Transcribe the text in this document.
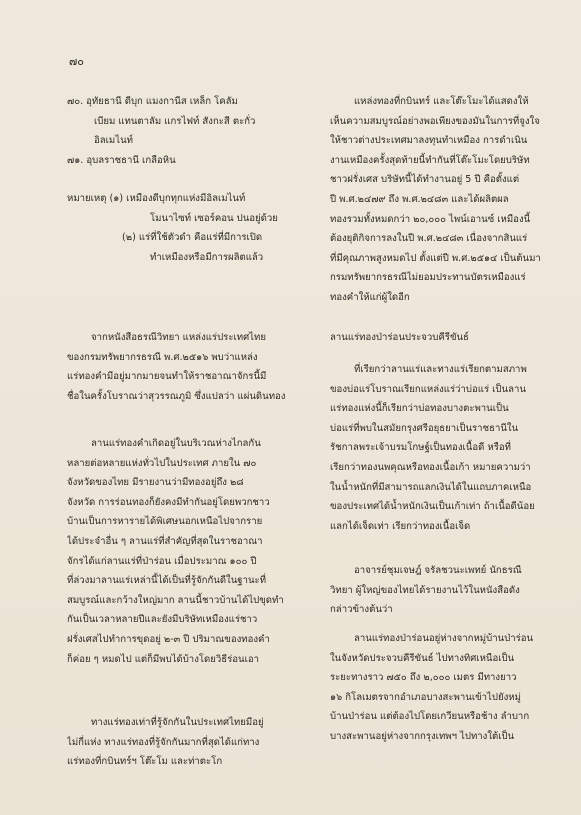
๗๐
๗๐. อุทัยธานี ดีบุก แมงกานีส เหล็ก โคลัม
เบียม แทนตาลัม แกรไฟท์ สังกะสี ตะกั่ว
อิลเมไนท์
๗๑. อุบลราชธานี เกลือหิน
หมายเหตุ (๑) เหมืองดีบุกทุกแห่งมีอิลเมไนท์
โมนาไซท์ เซอร์คอน ปนอยู่ด้วย
(๒) แร่ที่ใช้ตัวดำ คือแร่ที่มีการเปิด
ทำเหมืองหรือมีการผลิตแล้ว
จากหนังสือธรณีวิทยา แหล่งแร่ประเทศไทย
ของกรมทรัพยากรธรณี พ.ศ.๒๕๑๖ พบว่าแหล่ง
แร่ทองคำมีอยู่มากมายจนทำให้ราชอาณาจักรนี้มี
ชื่อในครั้งโบราณว่าสุวรรณภูมิ ซึ่งแปลว่า แผ่นดินทอง
ลานแร่ทองคำเกิดอยู่ในบริเวณห่างไกลกัน
หลายต่อหลายแห่งทั่วไปในประเทศ ภายใน ๗๐
จังหวัดของไทย มีรายงานว่ามีทองอยู่ถึง ๒๘
จังหวัด การร่อนทองก็ยังคงมีทำกันอยู่โดยพวกชาว
บ้านเป็นการหารายได้พิเศษนอกเหนือไปจากราย
ได้ประจำอื่น ๆ ลานแร่ที่สำคัญที่สุดในราชอาณา
จักรได้แก่ลานแร่ที่ป่าร่อน เมื่อประมาณ ๑๐๐ ปี
ที่ล่วงมาลานแร่เหล่านี้ได้เป็นที่รู้จักกันดีในฐานะที่
สมบูรณ์และกว้างใหญ่มาก ลานนี้ชาวบ้านได้ไปขุดทำ
กันเป็นเวลาหลายปีและยังมีบริษัทเหมืองแร่ชาว
ฝรั่งเศสไปทำการขุดอยู่ ๒-๓ ปี ปริมาณของทองคำ
ก็ค่อย ๆ หมดไป แต่ก็มีพบได้บ้างโดยวิธีร่อนเอา
ทางแร่ทองเท่าที่รู้จักกันในประเทศไทยมีอยู่
ไม่กี่แห่ง ทางแร่ทองที่รู้จักกันมากที่สุดได้แก่ทาง
แร่ทองที่กบินทร์ฯ โต๊ะโม และท่าตะโก
แหล่งทองที่กบินทร์ และโต๊ะโมะได้แสดงให้
เห็นความสมบูรณ์อย่างพอเพียงของมันในการที่จูงใจ
ให้ชาวต่างประเทศมาลงทุนทำเหมือง การดำเนิน
งานเหมืองครั้งสุดท้ายนี้ทำกันที่โต๊ะโมะโดยบริษัท
ชาวฝรั่งเศส บริษัทนี้ได้ทำงานอยู่ 5 ปี คือตั้งแต่
ปี พ.ศ.๒๔๗๙ ถึง พ.ศ.๒๔๘๓ และได้ผลิตผล
ทองรวมทั้งหมดกว่า ๒๐,๐๐๐ ไพน์เอานซ์ เหมืองนี้
ต้องยุติกิจการลงในปี พ.ศ.๒๔๘๓ เนื่องจากสินแร่
ที่มีคุณภาพสูงหมดไป ตั้งแต่ปี พ.ศ.๒๕๑๔ เป็นต้นมา
กรมทรัพยากรธรณีไม่ยอมประทานบัตรเหมืองแร่
ทองคำให้แก่ผู้ใดอีก
ลานแร่ทองป่าร่อนประจวบคีรีขันธ์
ที่เรียกว่าลานแร่และทางแร่เรียกตามสภาพ
ของบ่อแร่โบราณเรียกแหล่งแร่ว่าบ่อแร่ เป็นลาน
แร่ทองแห่งนี้ก็เรียกว่าบ่อทองบางตะพานเป็น
บ่อแร่ที่พบในสมัยกรุงศรีอยุธยาเป็นราชธานีใน
รัชกาลพระเจ้าบรมโกษฐ์เป็นทองเนื้อดี หรือที่
เรียกว่าทองนพคุณหรือทองเนื้อเก้า หมายความว่า
ในน้ำหนักที่มีสามารถแลกเงินได้ในแถบภาคเหนือ
ของประเทศได้น้ำหนักเงินเป็นเก้าเท่า ถ้าเนื้อดีน้อย
แลกได้เจ็ดเท่า เรียกว่าทองเนื้อเจ็ด
อาจารย์ชุมเจษฎ์ จรัลชวนะเพทย์ นักธรณี
วิทยา ผู้ใหญ่ของไทยได้รายงานไว้ในหนังสือดัง
กล่าวข้างต้นว่า
ลานแร่ทองป่าร่อนอยู่ห่างจากหมู่บ้านป่าร่อน
ในจังหวัดประจวบคีรีขันธ์ ไปทางทิศเหนือเป็น
ระยะทางราว ๗๕๐ ถึง ๒,๐๐๐ เมตร มีทางยาว
๑๖ กิโลเมตรจากอำเภอบางสะพานเข้าไปยังหมู่
บ้านป่าร่อน แต่ต้องไปโดยเกวียนหรือช้าง ลำบาก
บางสะพานอยู่ห่างจากกรุงเทพฯ ไปทางใต้เป็น
